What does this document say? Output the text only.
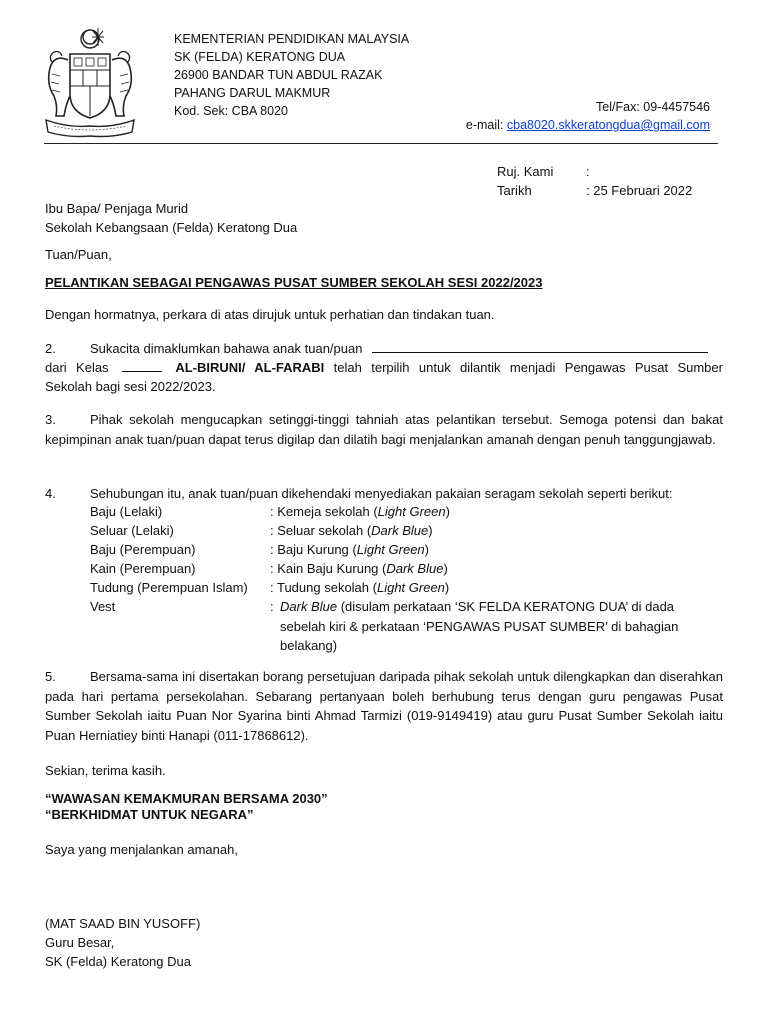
KEMENTERIAN PENDIDIKAN MALAYSIA
SK (FELDA) KERATONG DUA
26900 BANDAR TUN ABDUL RAZAK
PAHANG DARUL MAKMUR
Kod. Sek: CBA 8020	Tel/Fax: 09-4457546
e-mail: cba8020.skkeratongdua@gmail.com
Ruj. Kami	:
Tarikh	: 25 Februari 2022
Ibu Bapa/ Penjaga Murid
Sekolah Kebangsaan (Felda) Keratong Dua
Tuan/Puan,
PELANTIKAN SEBAGAI PENGAWAS PUSAT SUMBER SEKOLAH SESI 2022/2023
Dengan hormatnya, perkara di atas dirujuk untuk perhatian dan tindakan tuan.
2.	Sukacita dimaklumkan bahawa anak tuan/puan
dari Kelas	AL-BIRUNI/ AL-FARABI telah terpilih untuk dilantik menjadi Pengawas Pusat Sumber
Sekolah bagi sesi 2022/2023.
3.	Pihak sekolah mengucapkan setinggi-tinggi tahniah atas pelantikan tersebut. Semoga potensi dan bakat kepimpinan anak tuan/puan dapat terus digilap dan dilatih bagi menjalankan amanah dengan penuh tanggungjawab.
4.	Sehubungan itu, anak tuan/puan dikehendaki menyediakan pakaian seragam sekolah seperti berikut:
Baju (Lelaki)	: Kemeja sekolah (Light Green)
Seluar (Lelaki)	: Seluar sekolah (Dark Blue)
Baju (Perempuan)	: Baju Kurung (Light Green)
Kain (Perempuan)	: Kain Baju Kurung (Dark Blue)
Tudung (Perempuan Islam) : Tudung sekolah (Light Green)
Vest	: Dark Blue (disulam perkataan ‘SK FELDA KERATONG DUA’ di dada sebelah kiri & perkataan ‘PENGAWAS PUSAT SUMBER’ di bahagian belakang)
5.	Bersama-sama ini disertakan borang persetujuan daripada pihak sekolah untuk dilengkapkan dan diserahkan pada hari pertama persekolahan. Sebarang pertanyaan boleh berhubung terus dengan guru pengawas Pusat Sumber Sekolah iaitu Puan Nor Syarina binti Ahmad Tarmizi (019-9149419) atau guru Pusat Sumber Sekolah iaitu Puan Herniatiey binti Hanapi (011-17868612).
Sekian, terima kasih.
“WAWASAN KEMAKMURAN BERSAMA 2030”
“BERKHIDMAT UNTUK NEGARA”
Saya yang menjalankan amanah,
(MAT SAAD BIN YUSOFF)
Guru Besar,
SK (Felda) Keratong Dua
